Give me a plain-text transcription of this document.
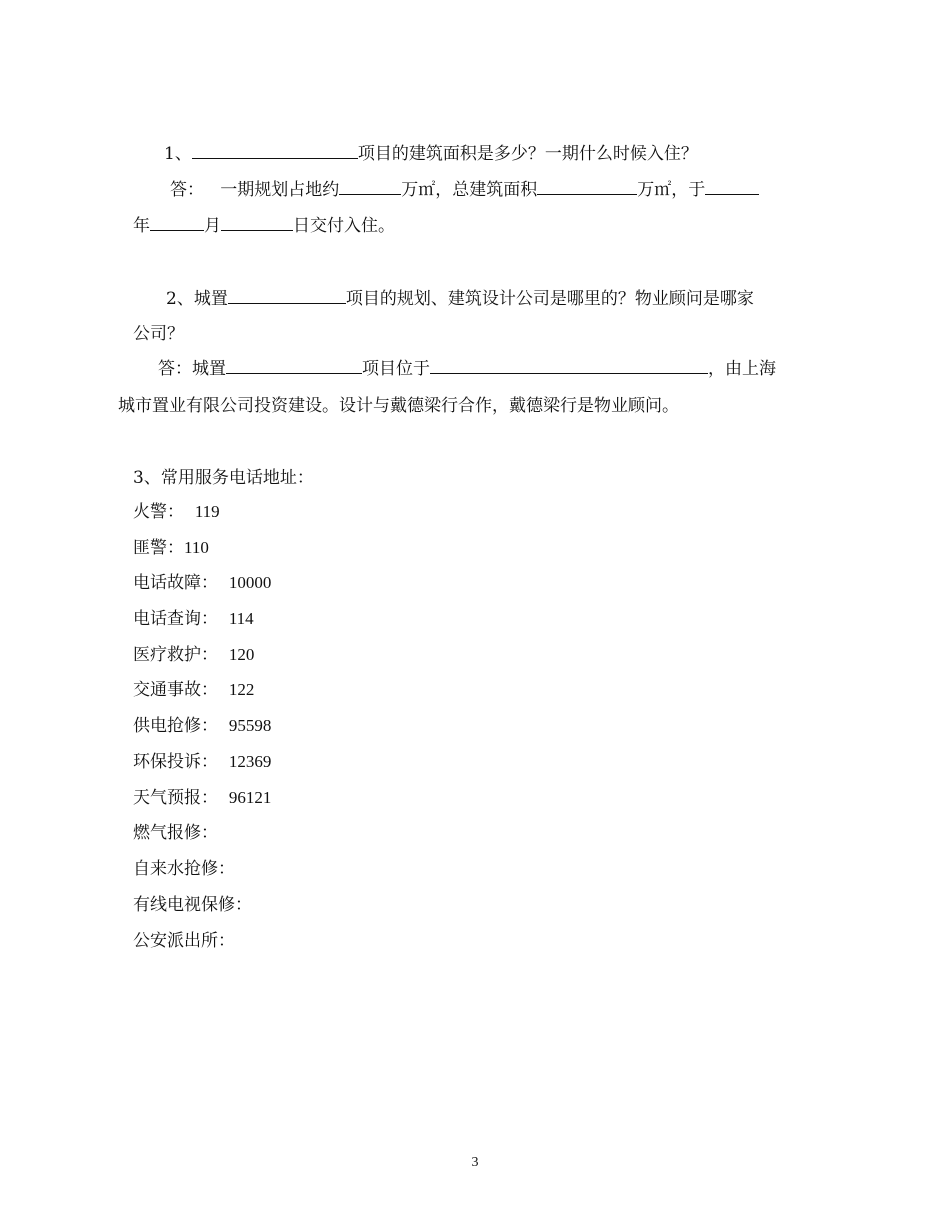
1、	项目的建筑面积是多少？一期什么时候入住？
答： 一期规划占地约	万㎡，总建筑面积	万㎡，于
年	月	日交付入住。
2、城置	项目的规划、建筑设计公司是哪里的？物业顾问是哪家
公司？
答：城置	项目位于	，由上海
城市置业有限公司投资建设。设计与戴德梁行合作，戴德梁行是物业顾问。
3、常用服务电话地址：
火警： 119
匪警：110
电话故障： 10000
电话查询： 114
医疗救护： 120
交通事故： 122
供电抢修： 95598
环保投诉： 12369
天气预报： 96121
燃气报修：
自来水抢修：
有线电视保修：
公安派出所：
3
